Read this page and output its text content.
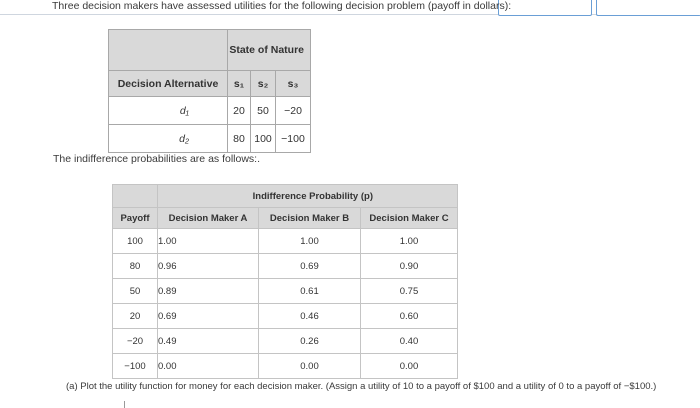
Three decision makers have assessed utilities for the following decision problem (payoff in dollars):
	State of Nature		
Decision Alternative	s₁	s₂	s₃
d₁	20	50	−20
d₂	80	100	−100
The indifference probabilities are as follows:.
	Indifference Probability (p)		
Payoff	Decision Maker A	Decision Maker B	Decision Maker C
100	1.00	1.00	1.00
80	0.96	0.69	0.90
50	0.89	0.61	0.75
20	0.69	0.46	0.60
−20	0.49	0.26	0.40
−100	0.00	0.00	0.00
(a) Plot the utility function for money for each decision maker. (Assign a utility of 10 to a payoff of $100 and a utility of 0 to a payoff of −$100.)
